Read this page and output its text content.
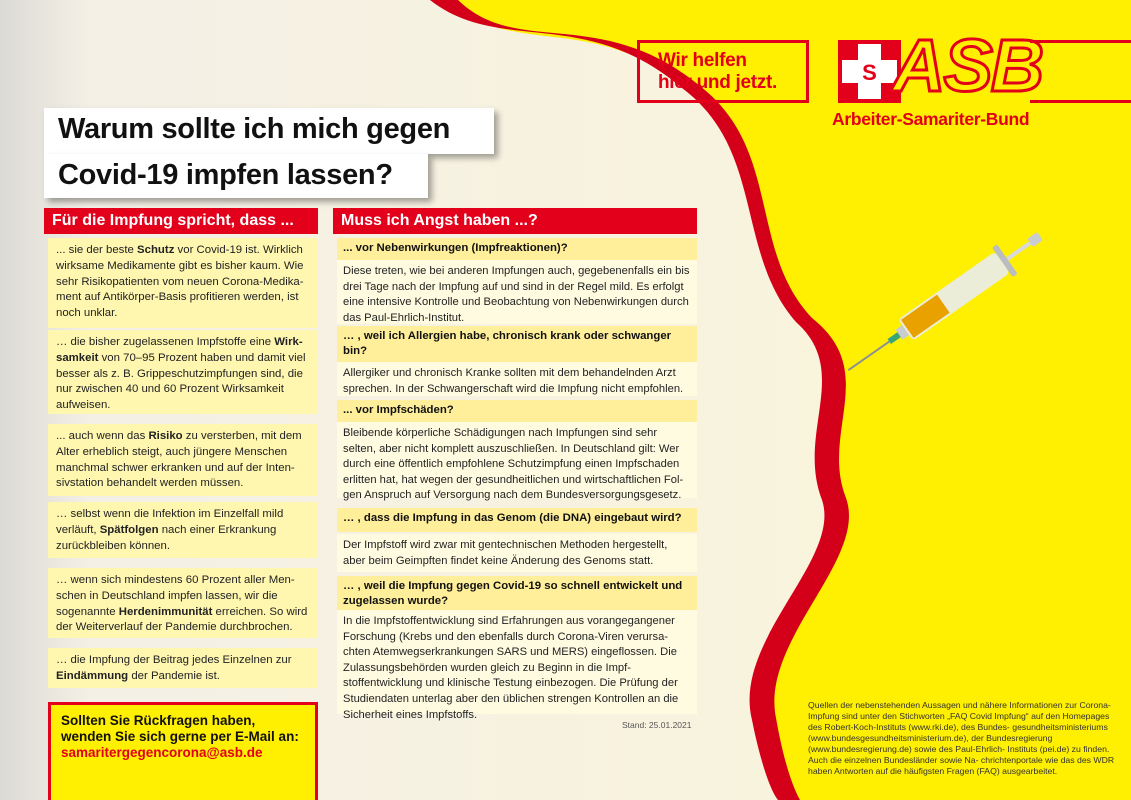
Wir helfen
hier und jetzt.	S ASB
Arbeiter-Samariter-Bund
Warum sollte ich mich gegen
Covid-19 impfen lassen?
Für die Impfung spricht, dass ...	Muss ich Angst haben ...?
... sie der beste Schutz vor Covid-19 ist. Wirklich wirksame Medikamente gibt es bisher kaum. Wie sehr Risikopatienten vom neuen Corona-Medika- ment auf Antikörper-Basis profitieren werden, ist noch unklar.
… die bisher zugelassenen Impfstoffe eine Wirk- samkeit von 70–95 Prozent haben und damit viel besser als z. B. Grippeschutzimpfungen sind, die nur zwischen 40 und 60 Prozent Wirksamkeit aufweisen.
... auch wenn das Risiko zu versterben, mit dem Alter erheblich steigt, auch jüngere Menschen manchmal schwer erkranken und auf der Inten- sivstation behandelt werden müssen.
… selbst wenn die Infektion im Einzelfall mild verläuft, Spätfolgen nach einer Erkrankung zurückbleiben können.
… wenn sich mindestens 60 Prozent aller Men- schen in Deutschland impfen lassen, wir die sogenannte Herdenimmunität erreichen. So wird der Weiterverlauf der Pandemie durchbrochen.
… die Impfung der Beitrag jedes Einzelnen zur Eindämmung der Pandemie ist.
... vor Nebenwirkungen (Impfreaktionen)?
Diese treten, wie bei anderen Impfungen auch, gegebenenfalls ein bis drei Tage nach der Impfung auf und sind in der Regel mild. Es erfolgt eine intensive Kontrolle und Beobachtung von Nebenwirkungen durch das Paul-Ehrlich-Institut.
… , weil ich Allergien habe, chronisch krank oder schwanger bin?
Allergiker und chronisch Kranke sollten mit dem behandelnden Arzt sprechen. In der Schwangerschaft wird die Impfung nicht empfohlen.
... vor Impfschäden?
Bleibende körperliche Schädigungen nach Impfungen sind sehr selten, aber nicht komplett auszuschließen. In Deutschland gilt: Wer durch eine öffentlich empfohlene Schutzimpfung einen Impfschaden erlitten hat, hat wegen der gesundheitlichen und wirtschaftlichen Fol- gen Anspruch auf Versorgung nach dem Bundesversorgungsgesetz.
… , dass die Impfung in das Genom (die DNA) eingebaut wird?
Der Impfstoff wird zwar mit gentechnischen Methoden hergestellt, aber beim Geimpften findet keine Änderung des Genoms statt.
… , weil die Impfung gegen Covid-19 so schnell entwickelt und zugelassen wurde?
In die Impfstoffentwicklung sind Erfahrungen aus vorangegangener Forschung (Krebs und den ebenfalls durch Corona-Viren verursa- chten Atemwegserkrankungen SARS und MERS) eingeflossen. Die Zulassungsbehörden wurden gleich zu Beginn in die Impf- stoffentwicklung und klinische Testung einbezogen. Die Prüfung der Studiendaten unterlag aber den üblichen strengen Kontrollen an die Sicherheit eines Impfstoffs.
Stand: 25.01.2021
Sollten Sie Rückfragen haben,
wenden Sie sich gerne per E-Mail an:
samaritergegencorona@asb.de
Quellen der nebenstehenden Aussagen und nähere Informationen zur Corona-Impfung sind unter den Stichworten „FAQ Covid Impfung“ auf den Homepages des Robert-Koch-Instituts (www.rki.de), des Bundes- gesundheitsministeriums (www.bundesgesundheitsministerium.de), der Bundesregierung (www.bundesregierung.de) sowie des Paul-Ehrlich- Instituts (pei.de) zu finden. Auch die einzelnen Bundesländer sowie Na- chrichtenportale wie das des WDR haben Antworten auf die häufigsten Fragen (FAQ) ausgearbeitet.
